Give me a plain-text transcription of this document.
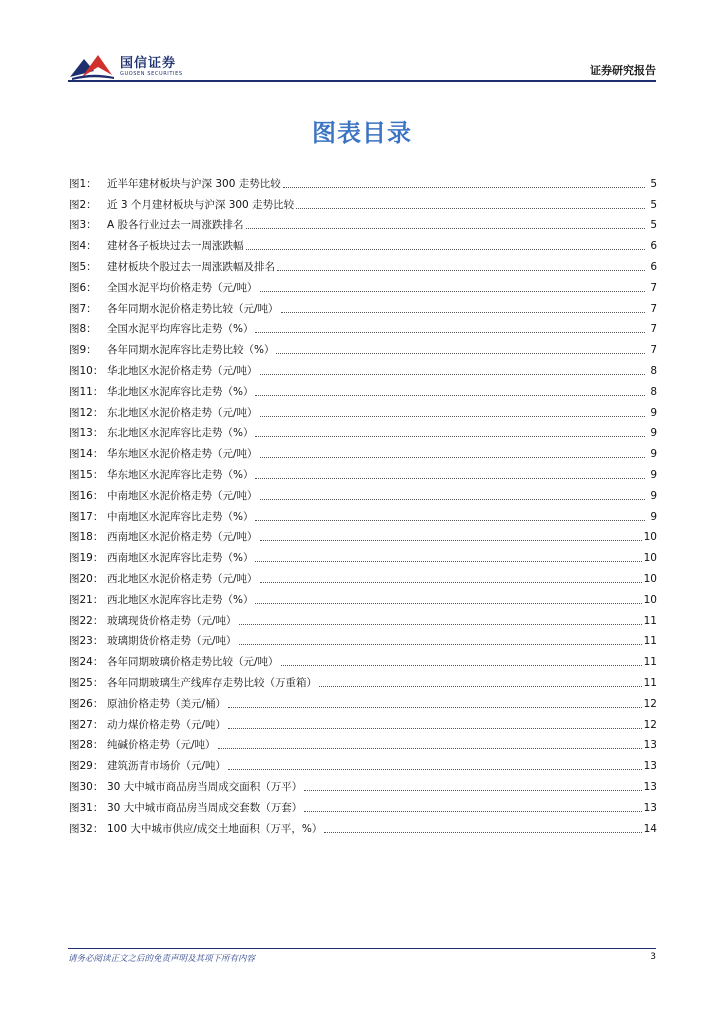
国信证券
GUOSEN SECURITIES	证券研究报告
图表目录
图1： 近半年建材板块与沪深 300 走势比较	5
图2： 近 3 个月建材板块与沪深 300 走势比较	5
图3： A 股各行业过去一周涨跌排名	5
图4： 建材各子板块过去一周涨跌幅	6
图5： 建材板块个股过去一周涨跌幅及排名	6
图6： 全国水泥平均价格走势（元/吨）	7
图7： 各年同期水泥价格走势比较（元/吨）	7
图8： 全国水泥平均库容比走势（%）	7
图9： 各年同期水泥库容比走势比较（%）	7
图10： 华北地区水泥价格走势（元/吨）	8
图11： 华北地区水泥库容比走势（%）	8
图12： 东北地区水泥价格走势（元/吨）	9
图13： 东北地区水泥库容比走势（%）	9
图14： 华东地区水泥价格走势（元/吨）	9
图15： 华东地区水泥库容比走势（%）	9
图16： 中南地区水泥价格走势（元/吨）	9
图17： 中南地区水泥库容比走势（%）	9
图18： 西南地区水泥价格走势（元/吨）	10
图19： 西南地区水泥库容比走势（%）	10
图20： 西北地区水泥价格走势（元/吨）	10
图21： 西北地区水泥库容比走势（%）	10
图22： 玻璃现货价格走势（元/吨）	11
图23： 玻璃期货价格走势（元/吨）	11
图24： 各年同期玻璃价格走势比较（元/吨）	11
图25： 各年同期玻璃生产线库存走势比较（万重箱）	11
图26： 原油价格走势（美元/桶）	12
图27： 动力煤价格走势（元/吨）	12
图28： 纯碱价格走势（元/吨）	13
图29： 建筑沥青市场价（元/吨）	13
图30： 30 大中城市商品房当周成交面积（万平）	13
图31： 30 大中城市商品房当周成交套数（万套）	13
图32： 100 大中城市供应/成交土地面积（万平，%）	14
请务必阅读正文之后的免责声明及其项下所有内容	3
